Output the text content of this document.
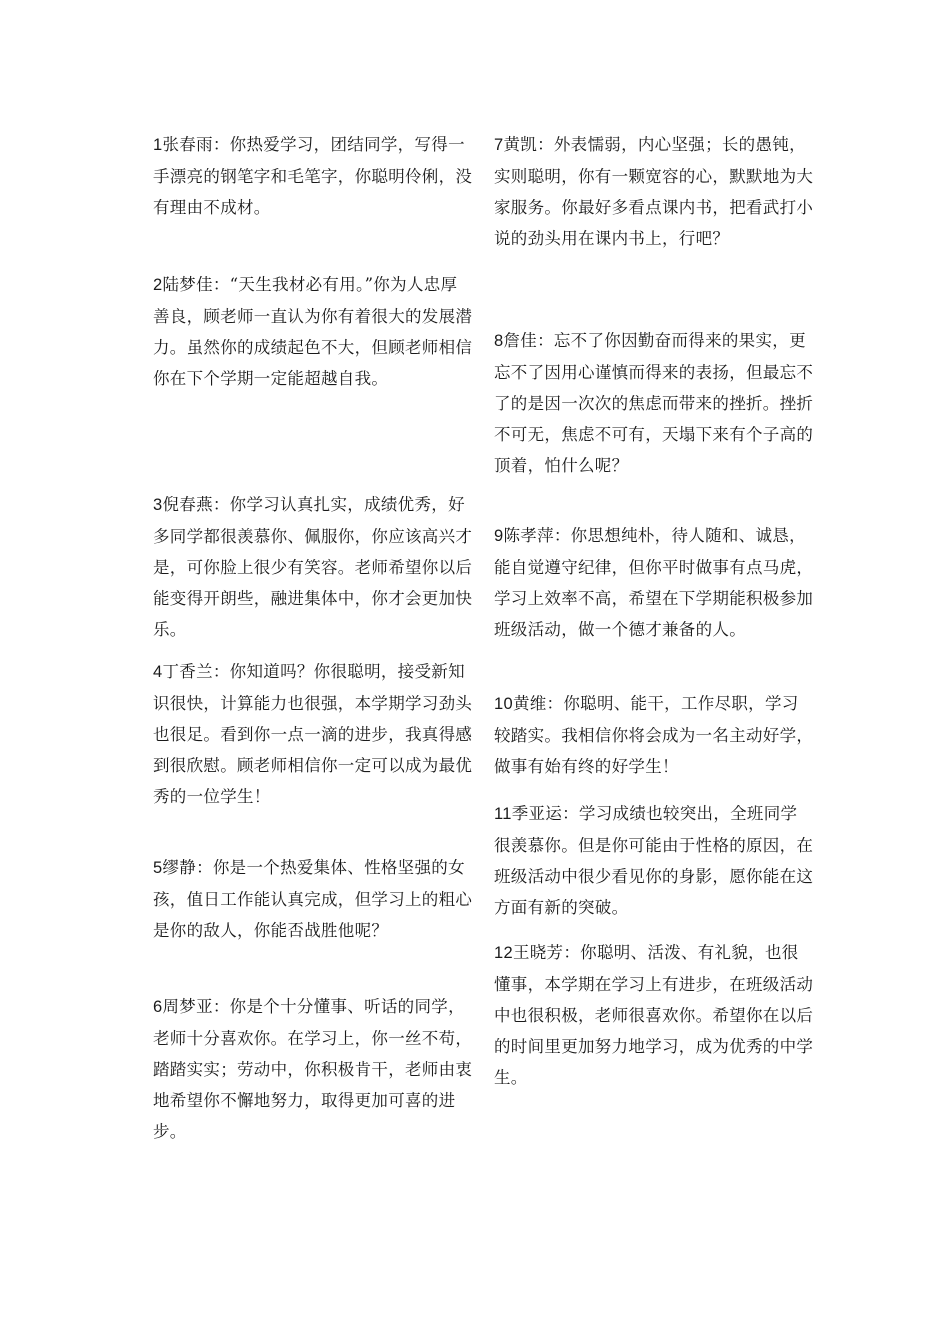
1张春雨：你热爱学习，团结同学，写得一手漂亮的钢笔字和毛笔字，你聪明伶俐，没有理由不成材。

2陆梦佳：“天生我材必有用。”你为人忠厚善良，顾老师一直认为你有着很大的发展潜力。虽然你的成绩起色不大，但顾老师相信你在下个学期一定能超越自我。

3倪春燕：你学习认真扎实，成绩优秀，好多同学都很羡慕你、佩服你，你应该高兴才是，可你脸上很少有笑容。老师希望你以后能变得开朗些，融进集体中，你才会更加快乐。

4丁香兰：你知道吗？你很聪明，接受新知识很快，计算能力也很强，本学期学习劲头也很足。看到你一点一滴的进步，我真得感到很欣慰。顾老师相信你一定可以成为最优秀的一位学生！

5缪静：你是一个热爱集体、性格坚强的女孩，值日工作能认真完成，但学习上的粗心是你的敌人，你能否战胜他呢？

6周梦亚：你是个十分懂事、听话的同学，老师十分喜欢你。在学习上，你一丝不苟，踏踏实实；劳动中，你积极肯干，老师由衷地希望你不懈地努力，取得更加可喜的进步。

7黄凯：外表懦弱，内心坚强；长的愚钝，实则聪明，你有一颗宽容的心，默默地为大家服务。你最好多看点课内书，把看武打小说的劲头用在课内书上，行吧？

8詹佳：忘不了你因勤奋而得来的果实，更忘不了因用心谨慎而得来的表扬，但最忘不了的是因一次次的焦虑而带来的挫折。挫折不可无，焦虑不可有，天塌下来有个子高的顶着，怕什么呢？

9陈孝萍：你思想纯朴，待人随和、诚恳，能自觉遵守纪律，但你平时做事有点马虎，学习上效率不高，希望在下学期能积极参加班级活动，做一个德才兼备的人。

10黄维：你聪明、能干，工作尽职，学习较踏实。我相信你将会成为一名主动好学，做事有始有终的好学生！

11季亚运：学习成绩也较突出，全班同学很羡慕你。但是你可能由于性格的原因，在班级活动中很少看见你的身影，愿你能在这方面有新的突破。

12王晓芳：你聪明、活泼、有礼貌，也很懂事，本学期在学习上有进步，在班级活动中也很积极，老师很喜欢你。希望你在以后的时间里更加努力地学习，成为优秀的中学生。
